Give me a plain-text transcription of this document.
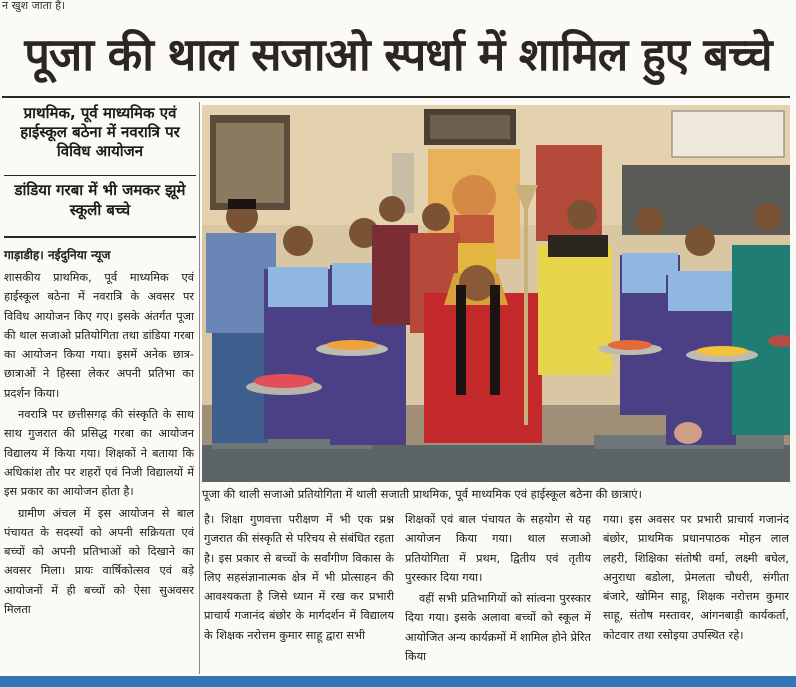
न खुश जाता है।
पूजा की थाल सजाओ स्पर्धा में शामिल हुए बच्चे
प्राथमिक, पूर्व माध्यमिक एवं हाईस्कूल बठेना में नवरात्रि पर विविध आयोजन
डांडिया गरबा में भी जमकर झूमे स्कूली बच्चे
गाड़ाडीह। नईदुनिया न्यूज

शासकीय प्राथमिक, पूर्व माध्यमिक एवं हाईस्कूल बठेना में नवरात्रि के अवसर पर विविध आयोजन किए गए। इसके अंतर्गत पूजा की थाल सजाओ प्रतियोगिता तथा डांडिया गरबा का आयोजन किया गया। इसमें अनेक छात्र-छात्राओं ने हिस्सा लेकर अपनी प्रतिभा का प्रदर्शन किया।

नवरात्रि पर छत्तीसगढ़ की संस्कृति के साथ साथ गुजरात की प्रसिद्ध गरबा का आयोजन विद्यालय में किया गया। शिक्षकों ने बताया कि अधिकांश तौर पर शहरों एवं निजी विद्यालयों में इस प्रकार का आयोजन होता है।

ग्रामीण अंचल में इस आयोजन से बाल पंचायत के सदस्यों को अपनी सक्रियता एवं बच्चों को अपनी प्रतिभाओं को दिखाने का अवसर मिला। प्रायः वार्षिकोत्सव एवं बड़े आयोजनों में ही बच्चों को ऐसा सुअवसर मिलता

पूजा की थाली सजाओ प्रतियोगिता में थाली सजाती प्राथमिक, पूर्व माध्यमिक एवं हाईस्कूल बठेना की छात्राएं।

है। शिक्षा गुणवत्ता परीक्षण में भी एक प्रश्न गुजरात की संस्कृति से परिचय से संबंधित रहता है। इस प्रकार से बच्चों के सर्वांगीण विकास के लिए सहसंज्ञानात्मक क्षेत्र में भी प्रोत्साहन की आवश्यकता है जिसे ध्यान में रख कर प्रभारी प्राचार्य गजानंद बंछोर के मार्गदर्शन में विद्यालय के शिक्षक नरोत्तम कुमार साहू द्वारा सभी

शिक्षकों एवं बाल पंचायत के सहयोग से यह आयोजन किया गया। थाल सजाओ प्रतियोगिता में प्रथम, द्वितीय एवं तृतीय पुरस्कार दिया गया।

वहीं सभी प्रतिभागियों को सांत्वना पुरस्कार दिया गया। इसके अलावा बच्चों को स्कूल में आयोजित अन्य कार्यक्रमों में शामिल होने प्रेरित किया

गया। इस अवसर पर प्रभारी प्राचार्य गजानंद बंछोर, प्राथमिक प्रधानपाठक मोहन लाल लहरी, शिक्षिका संतोषी वर्मा, लक्ष्मी बघेल, अनुराधा बडोला, प्रेमलता चौधरी, संगीता बंजारे, खोमिन साहू, शिक्षक नरोत्तम कुमार साहू, संतोष मस्तावर, आंगनबाड़ी कार्यकर्ता, कोटवार तथा रसोइया उपस्थित रहे।
